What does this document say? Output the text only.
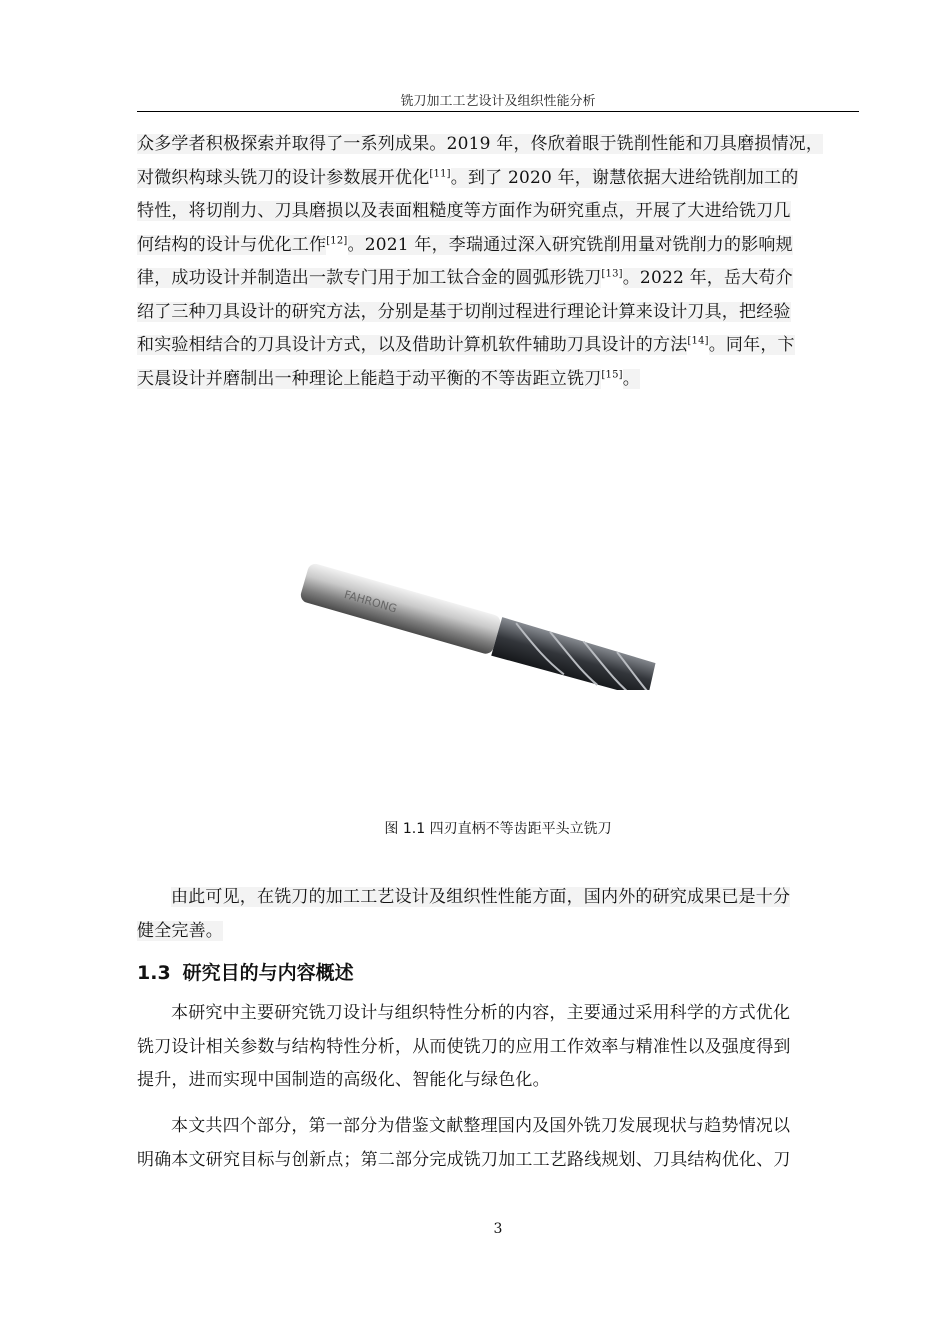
铣刀加工工艺设计及组织性能分析
众多学者积极探索并取得了一系列成果。2019 年，佟欣着眼于铣削性能和刀具磨损情况，
对微织构球头铣刀的设计参数展开优化[11]。到了 2020 年，谢慧依据大进给铣削加工的
特性，将切削力、刀具磨损以及表面粗糙度等方面作为研究重点，开展了大进给铣刀几
何结构的设计与优化工作[12]。2021 年，李瑞通过深入研究铣削用量对铣削力的影响规
律，成功设计并制造出一款专门用于加工钛合金的圆弧形铣刀[13]。2022 年，岳大苟介
绍了三种刀具设计的研究方法，分别是基于切削过程进行理论计算来设计刀具，把经验
和实验相结合的刀具设计方式，以及借助计算机软件辅助刀具设计的方法[14]。同年，卞
天晨设计并磨制出一种理论上能趋于动平衡的不等齿距立铣刀[15]。
FAHRONG
图 1.1 四刃直柄不等齿距平头立铣刀
由此可见，在铣刀的加工工艺设计及组织性性能方面，国内外的研究成果已是十分
健全完善。
1.3 研究目的与内容概述
本研究中主要研究铣刀设计与组织特性分析的内容，主要通过采用科学的方式优化
铣刀设计相关参数与结构特性分析，从而使铣刀的应用工作效率与精准性以及强度得到
提升，进而实现中国制造的高级化、智能化与绿色化。
本文共四个部分，第一部分为借鉴文献整理国内及国外铣刀发展现状与趋势情况以
明确本文研究目标与创新点；第二部分完成铣刀加工工艺路线规划、刀具结构优化、刀
3
